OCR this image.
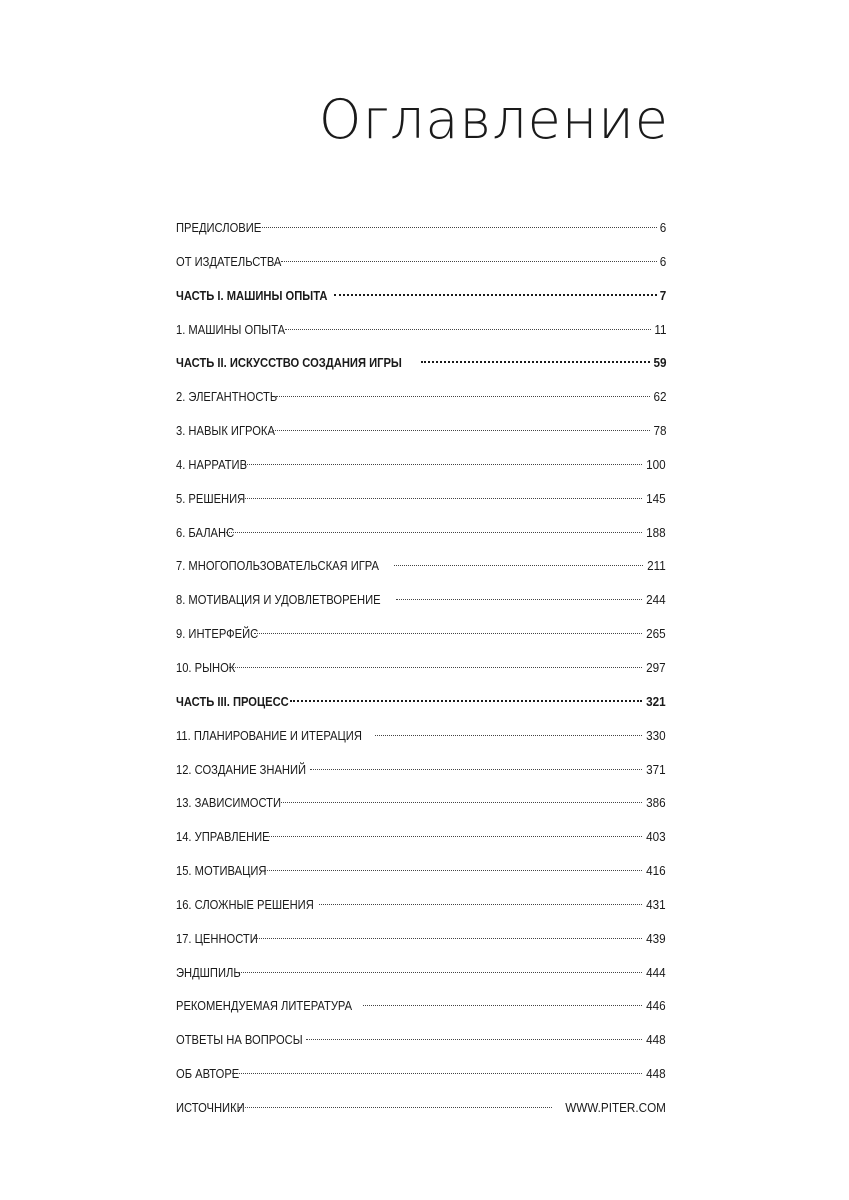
Оглавление
ПРЕДИСЛОВИЕ	6
ОТ ИЗДАТЕЛЬСТВА	6
ЧАСТЬ I. МАШИНЫ ОПЫТА	7
1. МАШИНЫ ОПЫТА	11
ЧАСТЬ II. ИСКУССТВО СОЗДАНИЯ ИГРЫ	59
2. ЭЛЕГАНТНОСТЬ	62
3. НАВЫК ИГРОКА	78
4. НАРРАТИВ	100
5. РЕШЕНИЯ	145
6. БАЛАНС	188
7. МНОГОПОЛЬЗОВАТЕЛЬСКАЯ ИГРА	211
8. МОТИВАЦИЯ И УДОВЛЕТВОРЕНИЕ	244
9. ИНТЕРФЕЙС	265
10. РЫНОК	297
ЧАСТЬ III. ПРОЦЕСС	321
11. ПЛАНИРОВАНИЕ И ИТЕРАЦИЯ	330
12. СОЗДАНИЕ ЗНАНИЙ	371
13. ЗАВИСИМОСТИ	386
14. УПРАВЛЕНИЕ	403
15. МОТИВАЦИЯ	416
16. СЛОЖНЫЕ РЕШЕНИЯ	431
17. ЦЕННОСТИ	439
ЭНДШПИЛЬ	444
РЕКОМЕНДУЕМАЯ ЛИТЕРАТУРА	446
ОТВЕТЫ НА ВОПРОСЫ	448
ОБ АВТОРЕ	448
ИСТОЧНИКИ	WWW.PITER.COM
